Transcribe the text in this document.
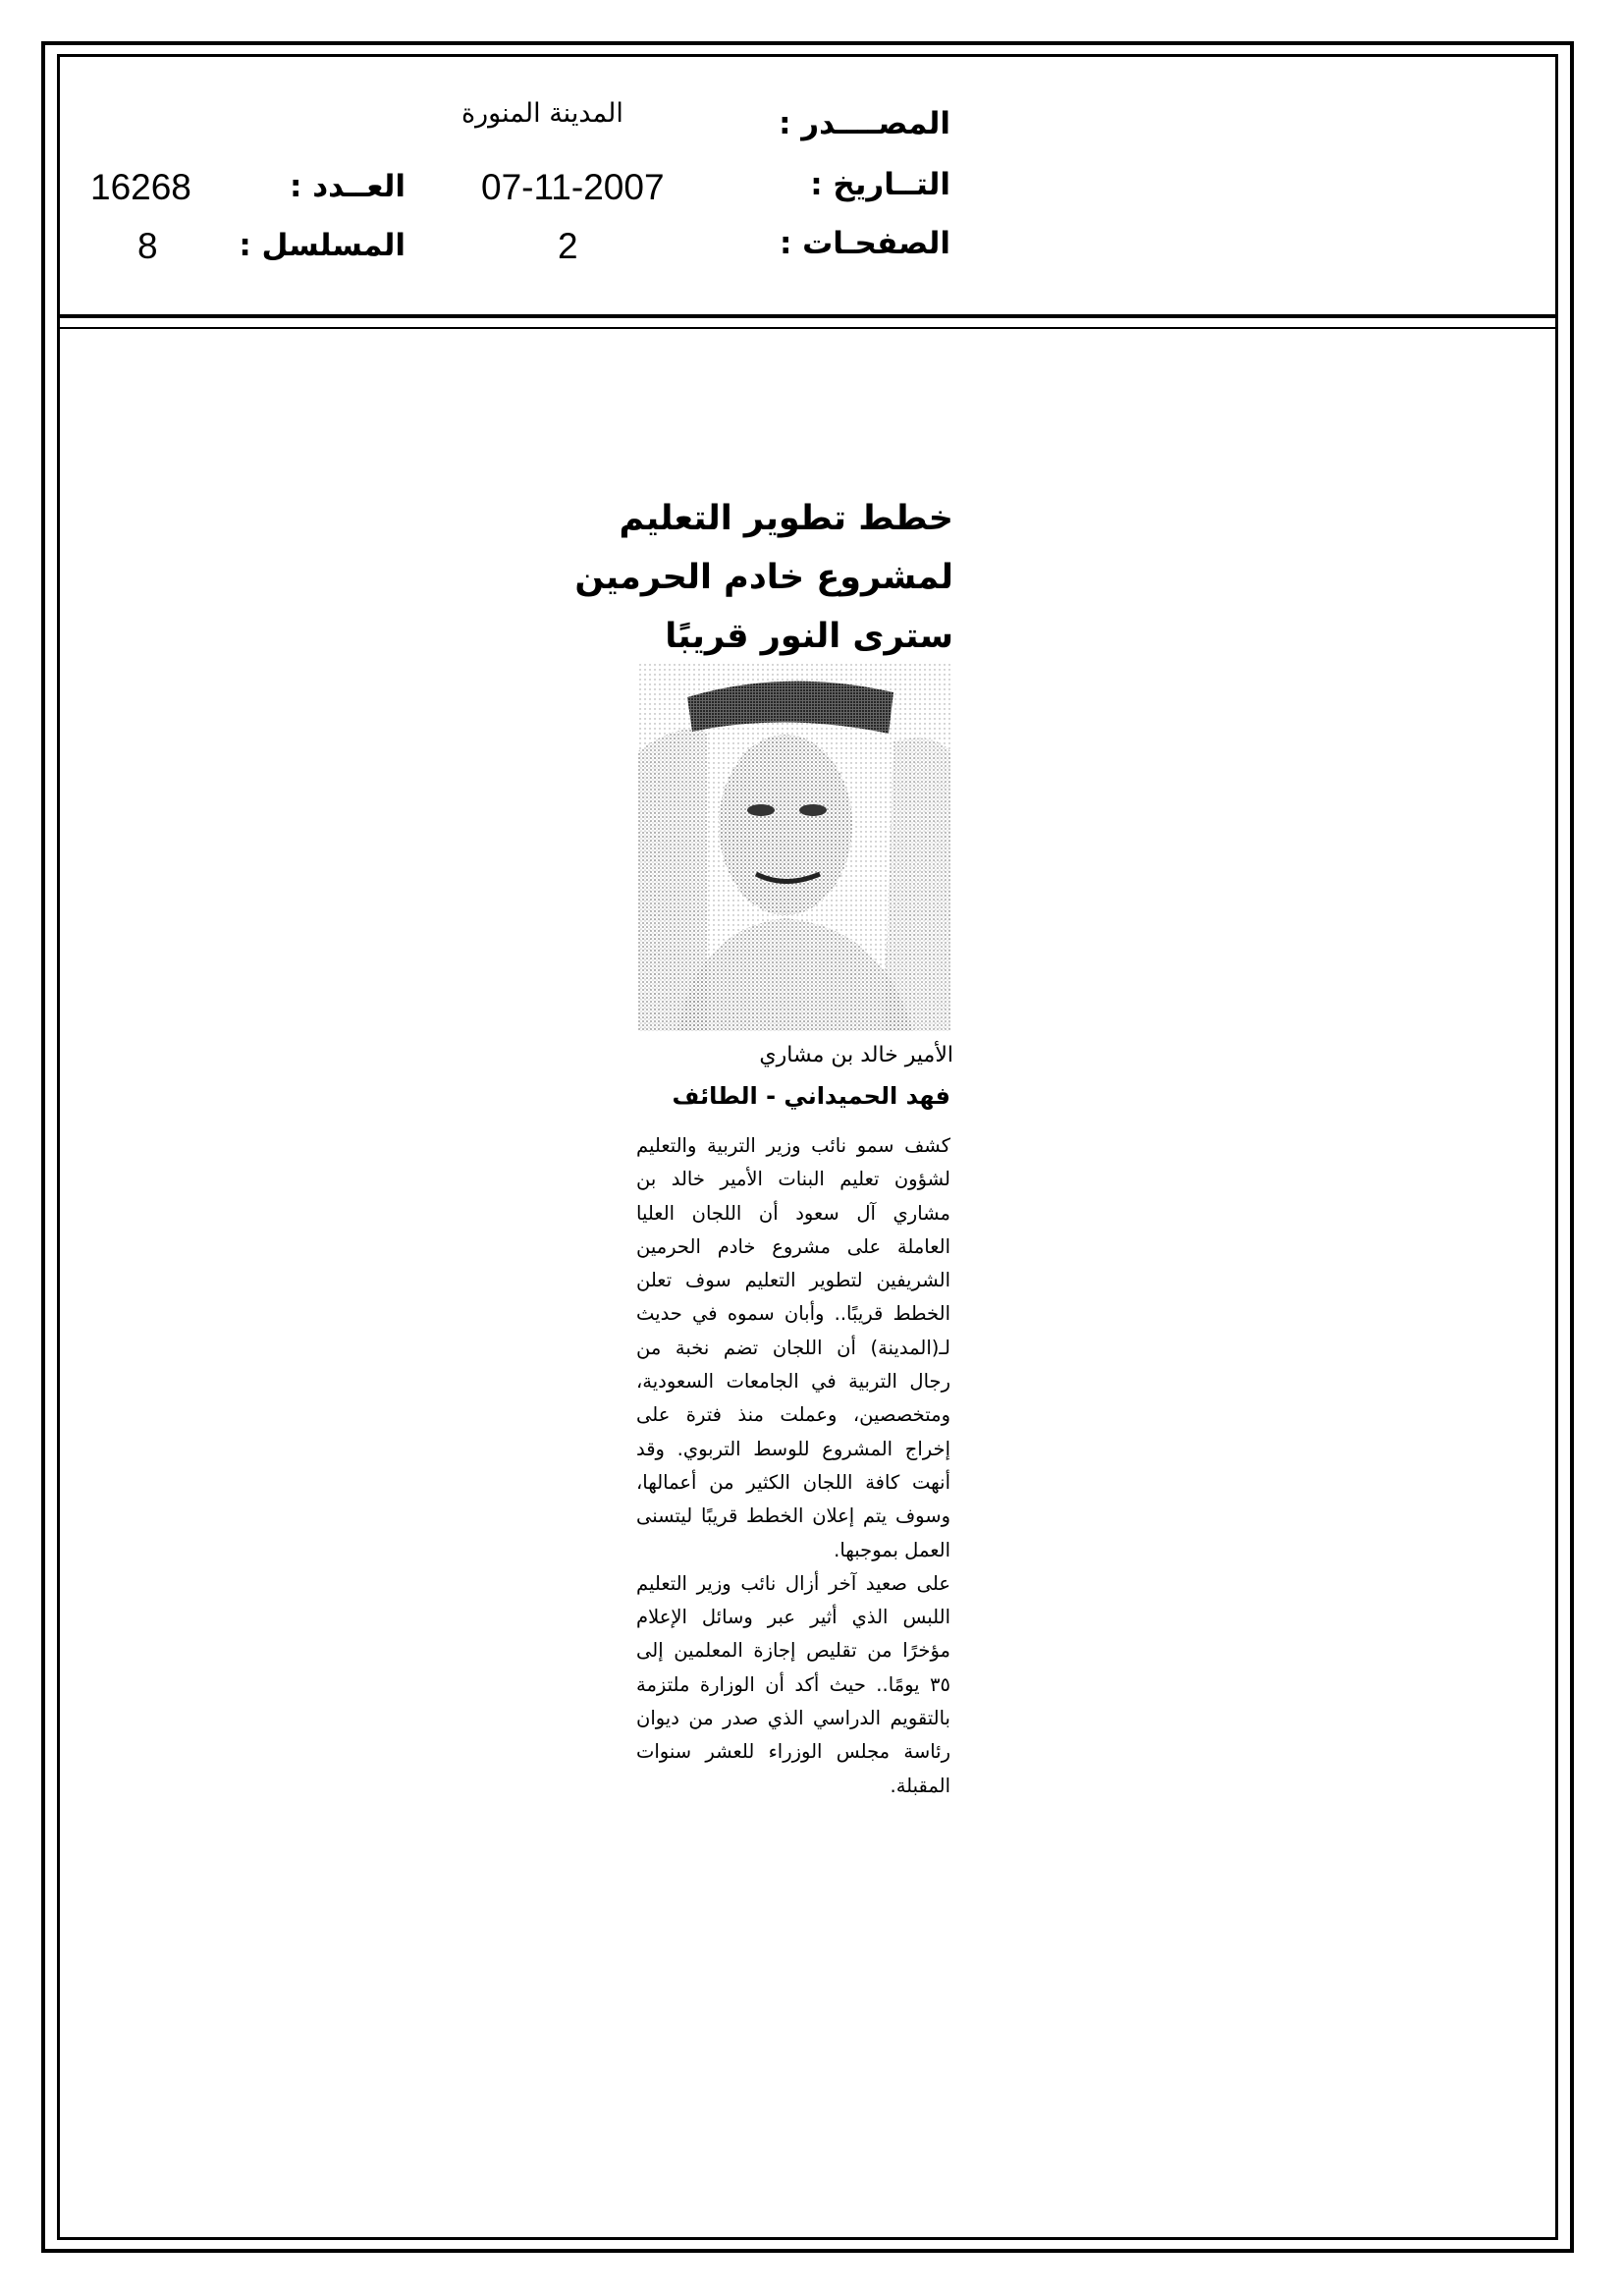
المصــــدر :
المدينة المنورة
التــاريخ :
07-11-2007
الصفحـات :
2
العــدد :
16268
المسلسل :
8
خطط تطوير التعليم
لمشروع خادم الحرمين
سترى النور قريبًا
الأمير خالد بن مشاري
فهد الحميداني - الطائف

كشف سمو نائب وزير التربية والتعليم لشؤون تعليم البنات الأمير خالد بن مشاري آل سعود أن اللجان العليا العاملة على مشروع خادم الحرمين الشريفين لتطوير التعليم سوف تعلن الخطط قريبًا.. وأبان سموه في حديث لـ(المدينة) أن اللجان تضم نخبة من رجال التربية في الجامعات السعودية، ومتخصصين، وعملت منذ فترة على إخراج المشروع للوسط التربوي. وقد أنهت كافة اللجان الكثير من أعمالها، وسوف يتم إعلان الخطط قريبًا ليتسنى العمل بموجبها.

على صعيد آخر أزال نائب وزير التعليم اللبس الذي أثير عبر وسائل الإعلام مؤخرًا من تقليص إجازة المعلمين إلى ٣٥ يومًا.. حيث أكد أن الوزارة ملتزمة بالتقويم الدراسي الذي صدر من ديوان رئاسة مجلس الوزراء للعشر سنوات المقبلة.
